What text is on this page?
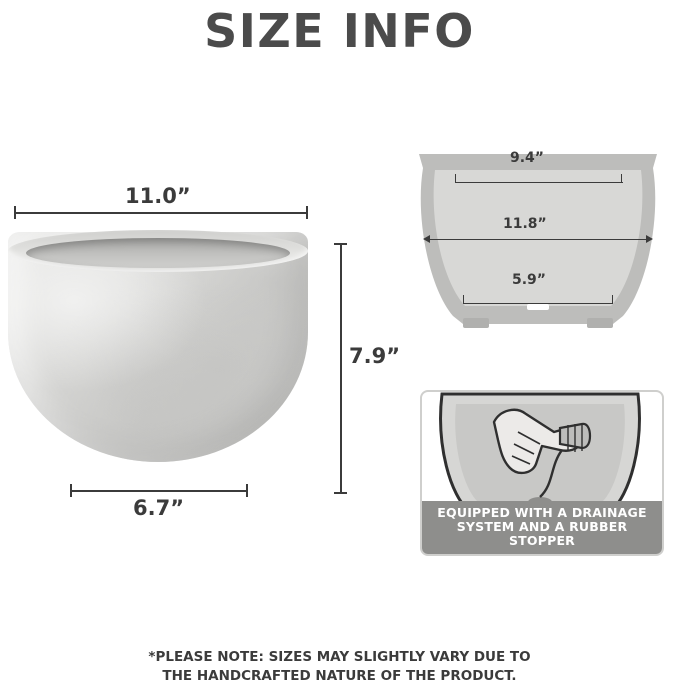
SIZE INFO
11.0”
7.9”
6.7”
9.4”
11.8”
5.9”
EQUIPPED WITH A DRAINAGE
SYSTEM AND A RUBBER STOPPER
*PLEASE NOTE: SIZES MAY SLIGHTLY VARY DUE TO
THE HANDCRAFTED NATURE OF THE PRODUCT.
